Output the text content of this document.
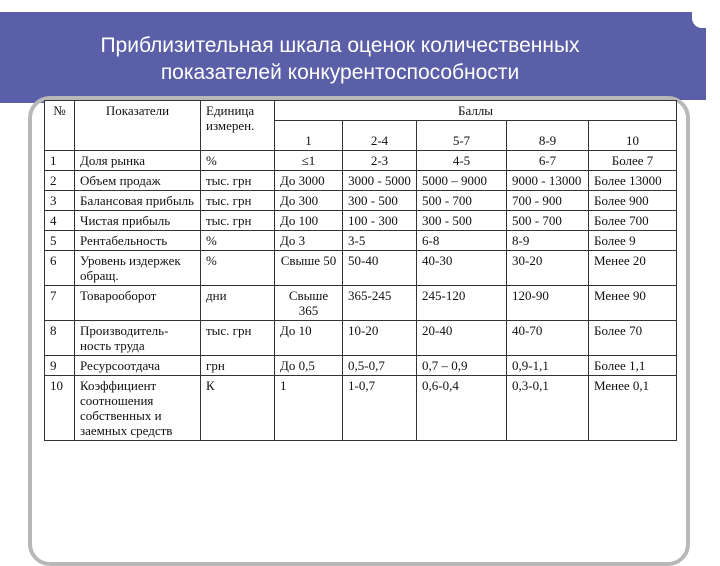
Приблизительная шкала оценок количественных
показателей конкурентоспособности
№	Показатели	Единица измерен.	Баллы				
			1	2-4	5-7	8-9	10
1	Доля рынка	%	≤1	2-3	4-5	6-7	Более 7
2	Объем продаж	тыс. грн	До 3000	3000 - 5000	5000 – 9000	9000 - 13000	Более 13000
3	Балансовая прибыль	тыс. грн	До 300	300 - 500	500 - 700	700 - 900	Более 900
4	Чистая прибыль	тыс. грн	До 100	100 - 300	300 - 500	500 - 700	Более 700
5	Рентабельность	%	До 3	3-5	6-8	8-9	Более 9
6	Уровень издержек обращ.	%	Свыше 50	50-40	40-30	30-20	Менее 20
7	Товарооборот	дни	Свыше 365	365-245	245-120	120-90	Менее 90
8	Производитель-ность труда	тыс. грн	До 10	10-20	20-40	40-70	Более 70
9	Ресурсоотдача	грн	До 0,5	0,5-0,7	0,7 – 0,9	0,9-1,1	Более 1,1
10	Коэффициент соотношения собственных и заемных средств	К	1	1-0,7	0,6-0,4	0,3-0,1	Менее 0,1
